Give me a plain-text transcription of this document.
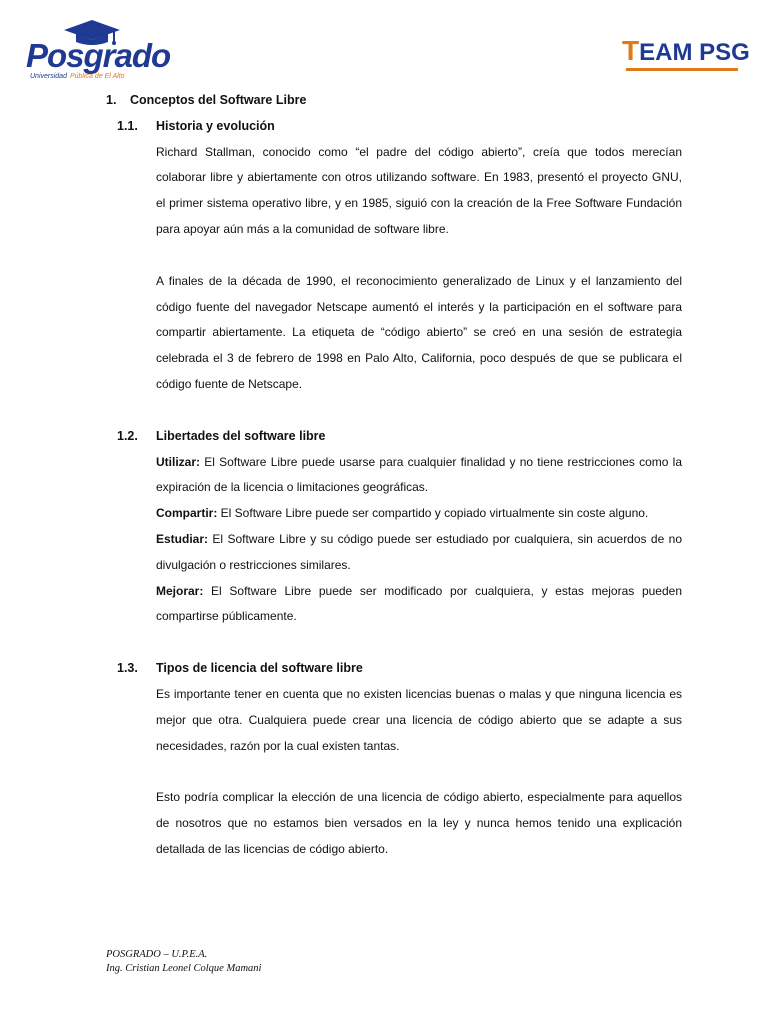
Posgrado
Universidad Pública de El Alto
TEAM PSG

1. Conceptos del Software Libre

1.1. Historia y evolución

Richard Stallman, conocido como “el padre del código abierto”, creía que todos merecían colaborar libre y abiertamente con otros utilizando software. En 1983, presentó el proyecto GNU, el primer sistema operativo libre, y en 1985, siguió con la creación de la Free Software Fundación para apoyar aún más a la comunidad de software libre.

A finales de la década de 1990, el reconocimiento generalizado de Linux y el lanzamiento del código fuente del navegador Netscape aumentó el interés y la participación en el software para compartir abiertamente. La etiqueta de “código abierto” se creó en una sesión de estrategia celebrada el 3 de febrero de 1998 en Palo Alto, California, poco después de que se publicara el código fuente de Netscape.

1.2. Libertades del software libre

Utilizar: El Software Libre puede usarse para cualquier finalidad y no tiene restricciones como la expiración de la licencia o limitaciones geográficas.

Compartir: El Software Libre puede ser compartido y copiado virtualmente sin coste alguno.

Estudiar: El Software Libre y su código puede ser estudiado por cualquiera, sin acuerdos de no divulgación o restricciones similares.

Mejorar: El Software Libre puede ser modificado por cualquiera, y estas mejoras pueden compartirse públicamente.

1.3. Tipos de licencia del software libre

Es importante tener en cuenta que no existen licencias buenas o malas y que ninguna licencia es mejor que otra. Cualquiera puede crear una licencia de código abierto que se adapte a sus necesidades, razón por la cual existen tantas.

Esto podría complicar la elección de una licencia de código abierto, especialmente para aquellos de nosotros que no estamos bien versados en la ley y nunca hemos tenido una explicación detallada de las licencias de código abierto.

POSGRADO – U.P.E.A.
Ing. Cristian Leonel Colque Mamani
